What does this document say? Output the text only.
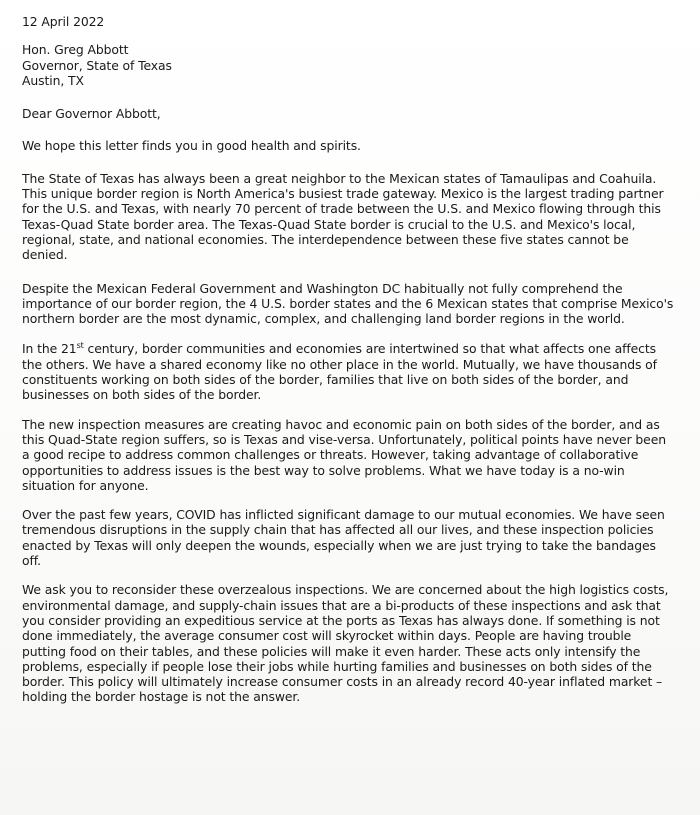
12 April 2022

Hon. Greg Abbott

Governor, State of Texas

Austin, TX

Dear Governor Abbott,

We hope this letter finds you in good health and spirits.

The State of Texas has always been a great neighbor to the Mexican states of Tamaulipas and Coahuila. This unique border region is North America's busiest trade gateway. Mexico is the largest trading partner for the U.S. and Texas, with nearly 70 percent of trade between the U.S. and Mexico flowing through this Texas-Quad State border area. The Texas-Quad State border is crucial to the U.S. and Mexico's local, regional, state, and national economies. The interdependence between these five states cannot be denied.

Despite the Mexican Federal Government and Washington DC habitually not fully comprehend the importance of our border region, the 4 U.S. border states and the 6 Mexican states that comprise Mexico's northern border are the most dynamic, complex, and challenging land border regions in the world.

In the 21st century, border communities and economies are intertwined so that what affects one affects the others. We have a shared economy like no other place in the world. Mutually, we have thousands of constituents working on both sides of the border, families that live on both sides of the border, and businesses on both sides of the border.

The new inspection measures are creating havoc and economic pain on both sides of the border, and as this Quad-State region suffers, so is Texas and vise-versa. Unfortunately, political points have never been a good recipe to address common challenges or threats. However, taking advantage of collaborative opportunities to address issues is the best way to solve problems. What we have today is a no-win situation for anyone.

Over the past few years, COVID has inflicted significant damage to our mutual economies. We have seen tremendous disruptions in the supply chain that has affected all our lives, and these inspection policies enacted by Texas will only deepen the wounds, especially when we are just trying to take the bandages off.

We ask you to reconsider these overzealous inspections. We are concerned about the high logistics costs, environmental damage, and supply-chain issues that are a bi-products of these inspections and ask that you consider providing an expeditious service at the ports as Texas has always done. If something is not done immediately, the average consumer cost will skyrocket within days. People are having trouble putting food on their tables, and these policies will make it even harder. These acts only intensify the problems, especially if people lose their jobs while hurting families and businesses on both sides of the border. This policy will ultimately increase consumer costs in an already record 40-year inflated market – holding the border hostage is not the answer.
